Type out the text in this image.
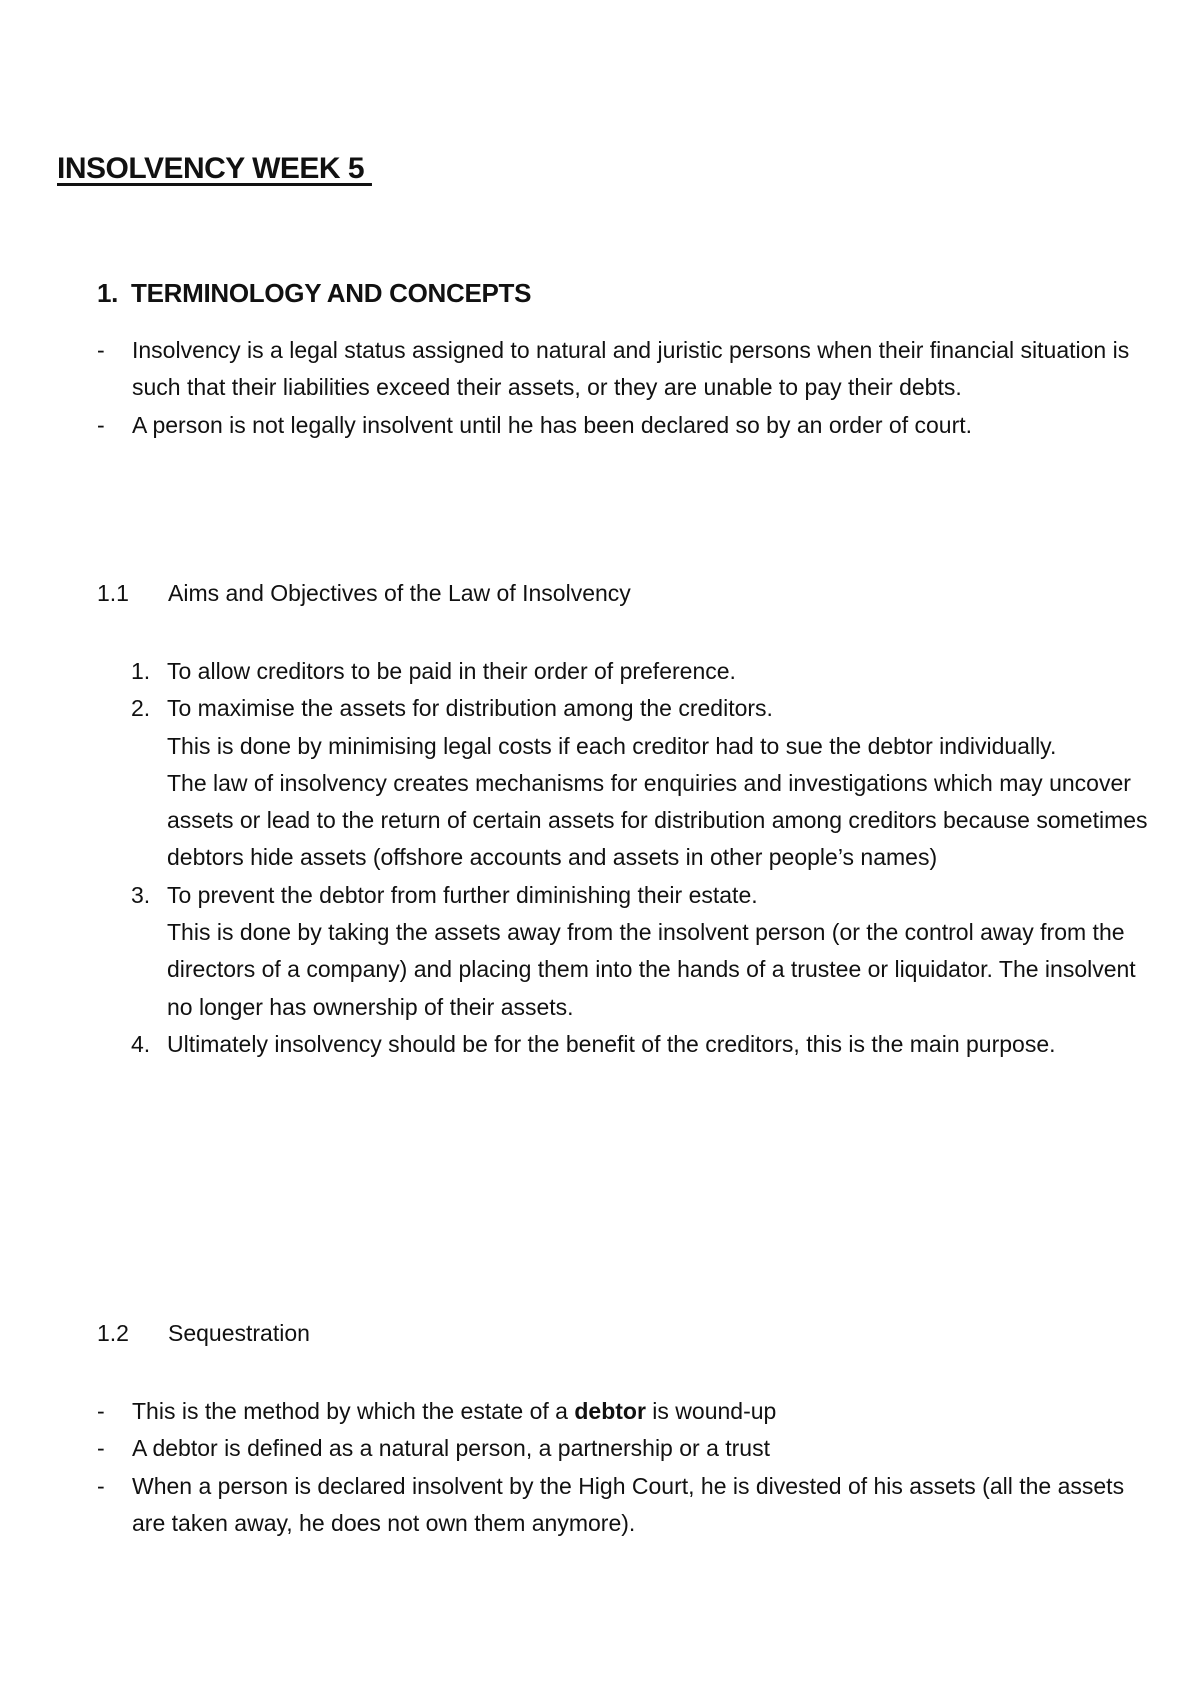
INSOLVENCY WEEK 5
1. TERMINOLOGY AND CONCEPTS
-	Insolvency is a legal status assigned to natural and juristic persons when their financial situation is such that their liabilities exceed their assets, or they are unable to pay their debts.
-	A person is not legally insolvent until he has been declared so by an order of court.
1.1 Aims and Objectives of the Law of Insolvency
1. To allow creditors to be paid in their order of preference.
2. To maximise the assets for distribution among the creditors.
This is done by minimising legal costs if each creditor had to sue the debtor individually.
The law of insolvency creates mechanisms for enquiries and investigations which may uncover assets or lead to the return of certain assets for distribution among creditors because sometimes debtors hide assets (offshore accounts and assets in other people’s names)
3. To prevent the debtor from further diminishing their estate.
This is done by taking the assets away from the insolvent person (or the control away from the directors of a company) and placing them into the hands of a trustee or liquidator. The insolvent no longer has ownership of their assets.
4. Ultimately insolvency should be for the benefit of the creditors, this is the main purpose.
1.2 Sequestration
-	This is the method by which the estate of a debtor is wound-up
-	A debtor is defined as a natural person, a partnership or a trust
-	When a person is declared insolvent by the High Court, he is divested of his assets (all the assets are taken away, he does not own them anymore).
